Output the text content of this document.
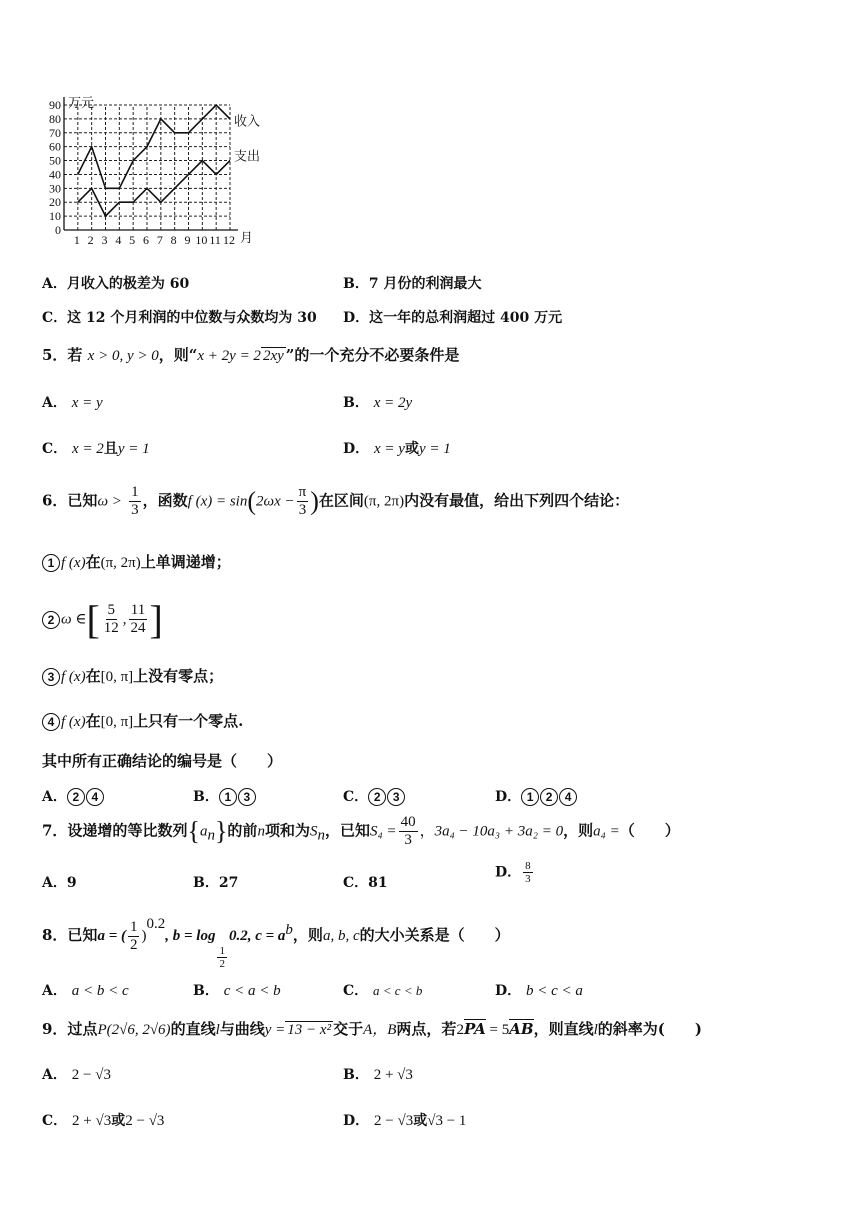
0
10
20
30
40
50
60
70
80
90
1 2 3 4 5 6 7 8 9 10 11 12
收入
支出
万元
月
A．月收入的极差为 60	B．7 月份的利润最大
C．这 12 个月利润的中位数与众数均为 30 D．这一年的总利润超过 400 万元
5．若 x > 0, y > 0，则“x + 2y = 2 2xy ”的一个充分不必要条件是
A． x = y	B． x = 2y
C． x = 2且y = 1	D． x = y或y = 1
6．已知$\omega > \frac{1}{3}$ ，函数f $(x) = \sin(2\omega x - \frac{\pi}{3}$ )在区间(π, 2π)内没有最值，给出下列四个结论：
1 f (x)在(π, 2π)上单调递增；
2 ω ∈[ $\frac{5}{12}$ , $\frac{11}{24}$ ]
3 f (x)在[0, π]上没有零点；
4 f (x)在[0, π]上只有一个零点.
其中所有正确结论的编号是（　　）
A． 2 4	B． 1 3	C． 2 3	D． 1 2 4
7．设递增的等比数列$\{a_n\}$的前n项和为$S_n$，已知$S_4 = \frac{40}{3}$ ，3a₄ − 10a₃ + 3a₂ = 0，则a₄ =（　　）
A．9	B．27	C．81
D． $\frac{8}{3}$
8．已知a = ( $\frac{1}{2} )^{0.2}$, b = log
$\frac{1}{2}$
0.2, $c = a^b$，则a, b, c的大小关系是（　　）
A． a < b < c	B． c < a < b	C． a < c < b	D． b < c < a
9．过点P(2√6, 2√6)的直线l与曲线y = 13 − x² 交于A，B两点，若2PA = 5AB，则直线l的斜率为(　　)
A． 2 − √3	B． 2 + √3
C． 2 + √3或2 − √3	D． 2 − √3或√3 − 1
